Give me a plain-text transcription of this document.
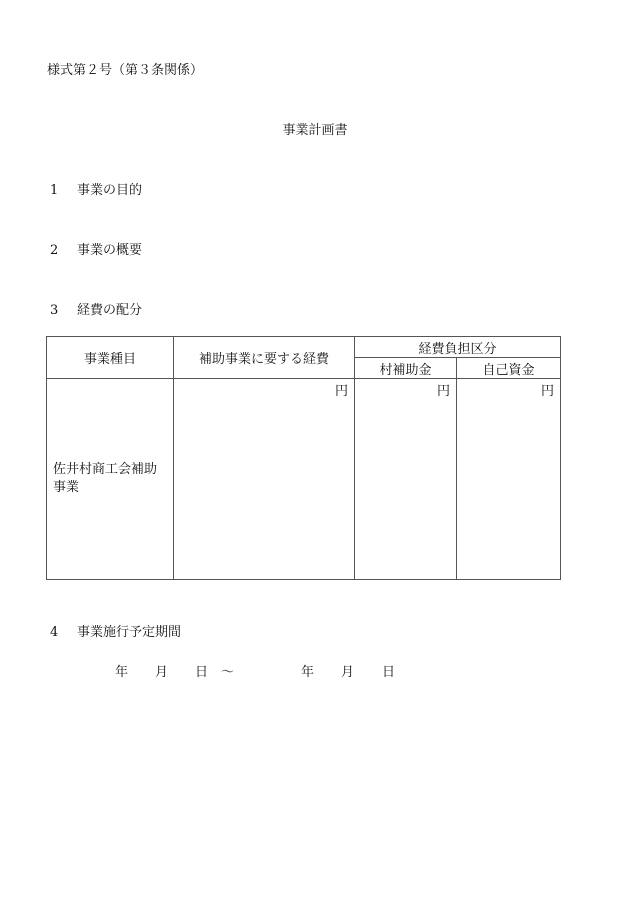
様式第２号（第３条関係）
事業計画書
1 事業の目的
2 事業の概要
3 経費の配分
事業種目	補助事業に要する経費	経費負担区分	
		村補助金	自己資金

佐井村商工会補助事業	円	円	円
4 事業施行予定期間
年 月 日 ～	年 月 日
